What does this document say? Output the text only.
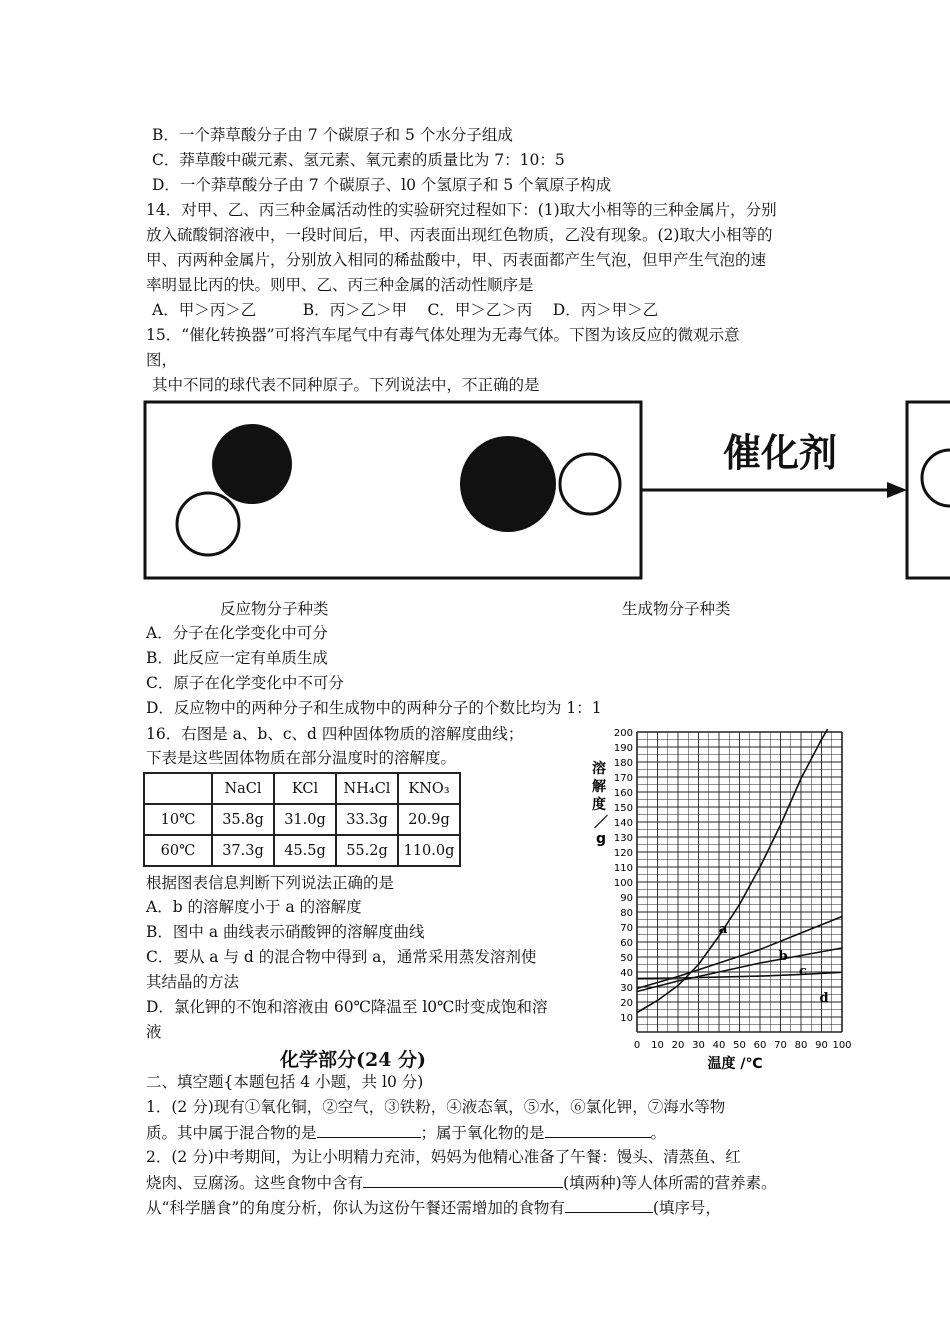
B．一个莽草酸分子由 7 个碳原子和 5 个水分子组成
C．莽草酸中碳元素、氢元素、氧元素的质量比为 7：10：5
D．一个莽草酸分子由 7 个碳原子、l0 个氢原子和 5 个氧原子构成
14．对甲、乙、丙三种金属活动性的实验研究过程如下：(1)取大小相等的三种金属片，分别
放入硫酸铜溶液中，一段时间后，甲、丙表面出现红色物质，乙没有现象。(2)取大小相等的
甲、丙两种金属片，分别放入相同的稀盐酸中，甲、丙表面都产生气泡，但甲产生气泡的速
率明显比丙的快。则甲、乙、丙三种金属的活动性顺序是
A．甲＞丙＞乙　　　B．丙＞乙＞甲　 C．甲＞乙＞丙　 D．丙＞甲＞乙
15．“催化转换器”可将汽车尾气中有毒气体处理为无毒气体。下图为该反应的微观示意
图，
其中不同的球代表不同种原子。下列说法中，不正确的是
催化剂
反应物分子种类	生成物分子种类
A．分子在化学变化中可分
B．此反应一定有单质生成
C．原子在化学变化中不可分
D．反应物中的两种分子和生成物中的两种分子的个数比均为 1：1
16．右图是 a、b、c、d 四种固体物质的溶解度曲线；
下表是这些固体物质在部分温度时的溶解度。
	NaCl	KCl	NH₄Cl	KNO₃
10℃	35.8g	31.0g	33.3g	20.9g
60℃	37.3g	45.5g	55.2g	110.0g
根据图表信息判断下列说法正确的是
A．b 的溶解度小于 a 的溶解度
B．图中 a 曲线表示硝酸钾的溶解度曲线
C．要从 a 与 d 的混合物中得到 a，通常采用蒸发溶剂使
其结晶的方法
D．氯化钾的不饱和溶液由 60℃降温至 l0℃时变成饱和溶
液
10
20
30
40
50
60
70
80
90
100
110
120
130
140
150
160
170
180
190
200
0 10 20 30 40 50 60 70 80 90 100
a
b
c
d
溶 解 度 ／ g
温度 /℃
化学部分(24 分)
二、填空题{本题包括 4 小题，共 l0 分)
1．(2 分)现有①氧化铜，②空气，③铁粉，④液态氧，⑤水，⑥氯化钾，⑦海水等物
质。其中属于混合物的是	；属于氧化物的是	。
2．(2 分)中考期间，为让小明精力充沛，妈妈为他精心准备了午餐：馒头、清蒸鱼、红
烧肉、豆腐汤。这些食物中含有	(填两种)等人体所需的营养素。
从“科学膳食”的角度分析，你认为这份午餐还需增加的食物有	(填序号，
